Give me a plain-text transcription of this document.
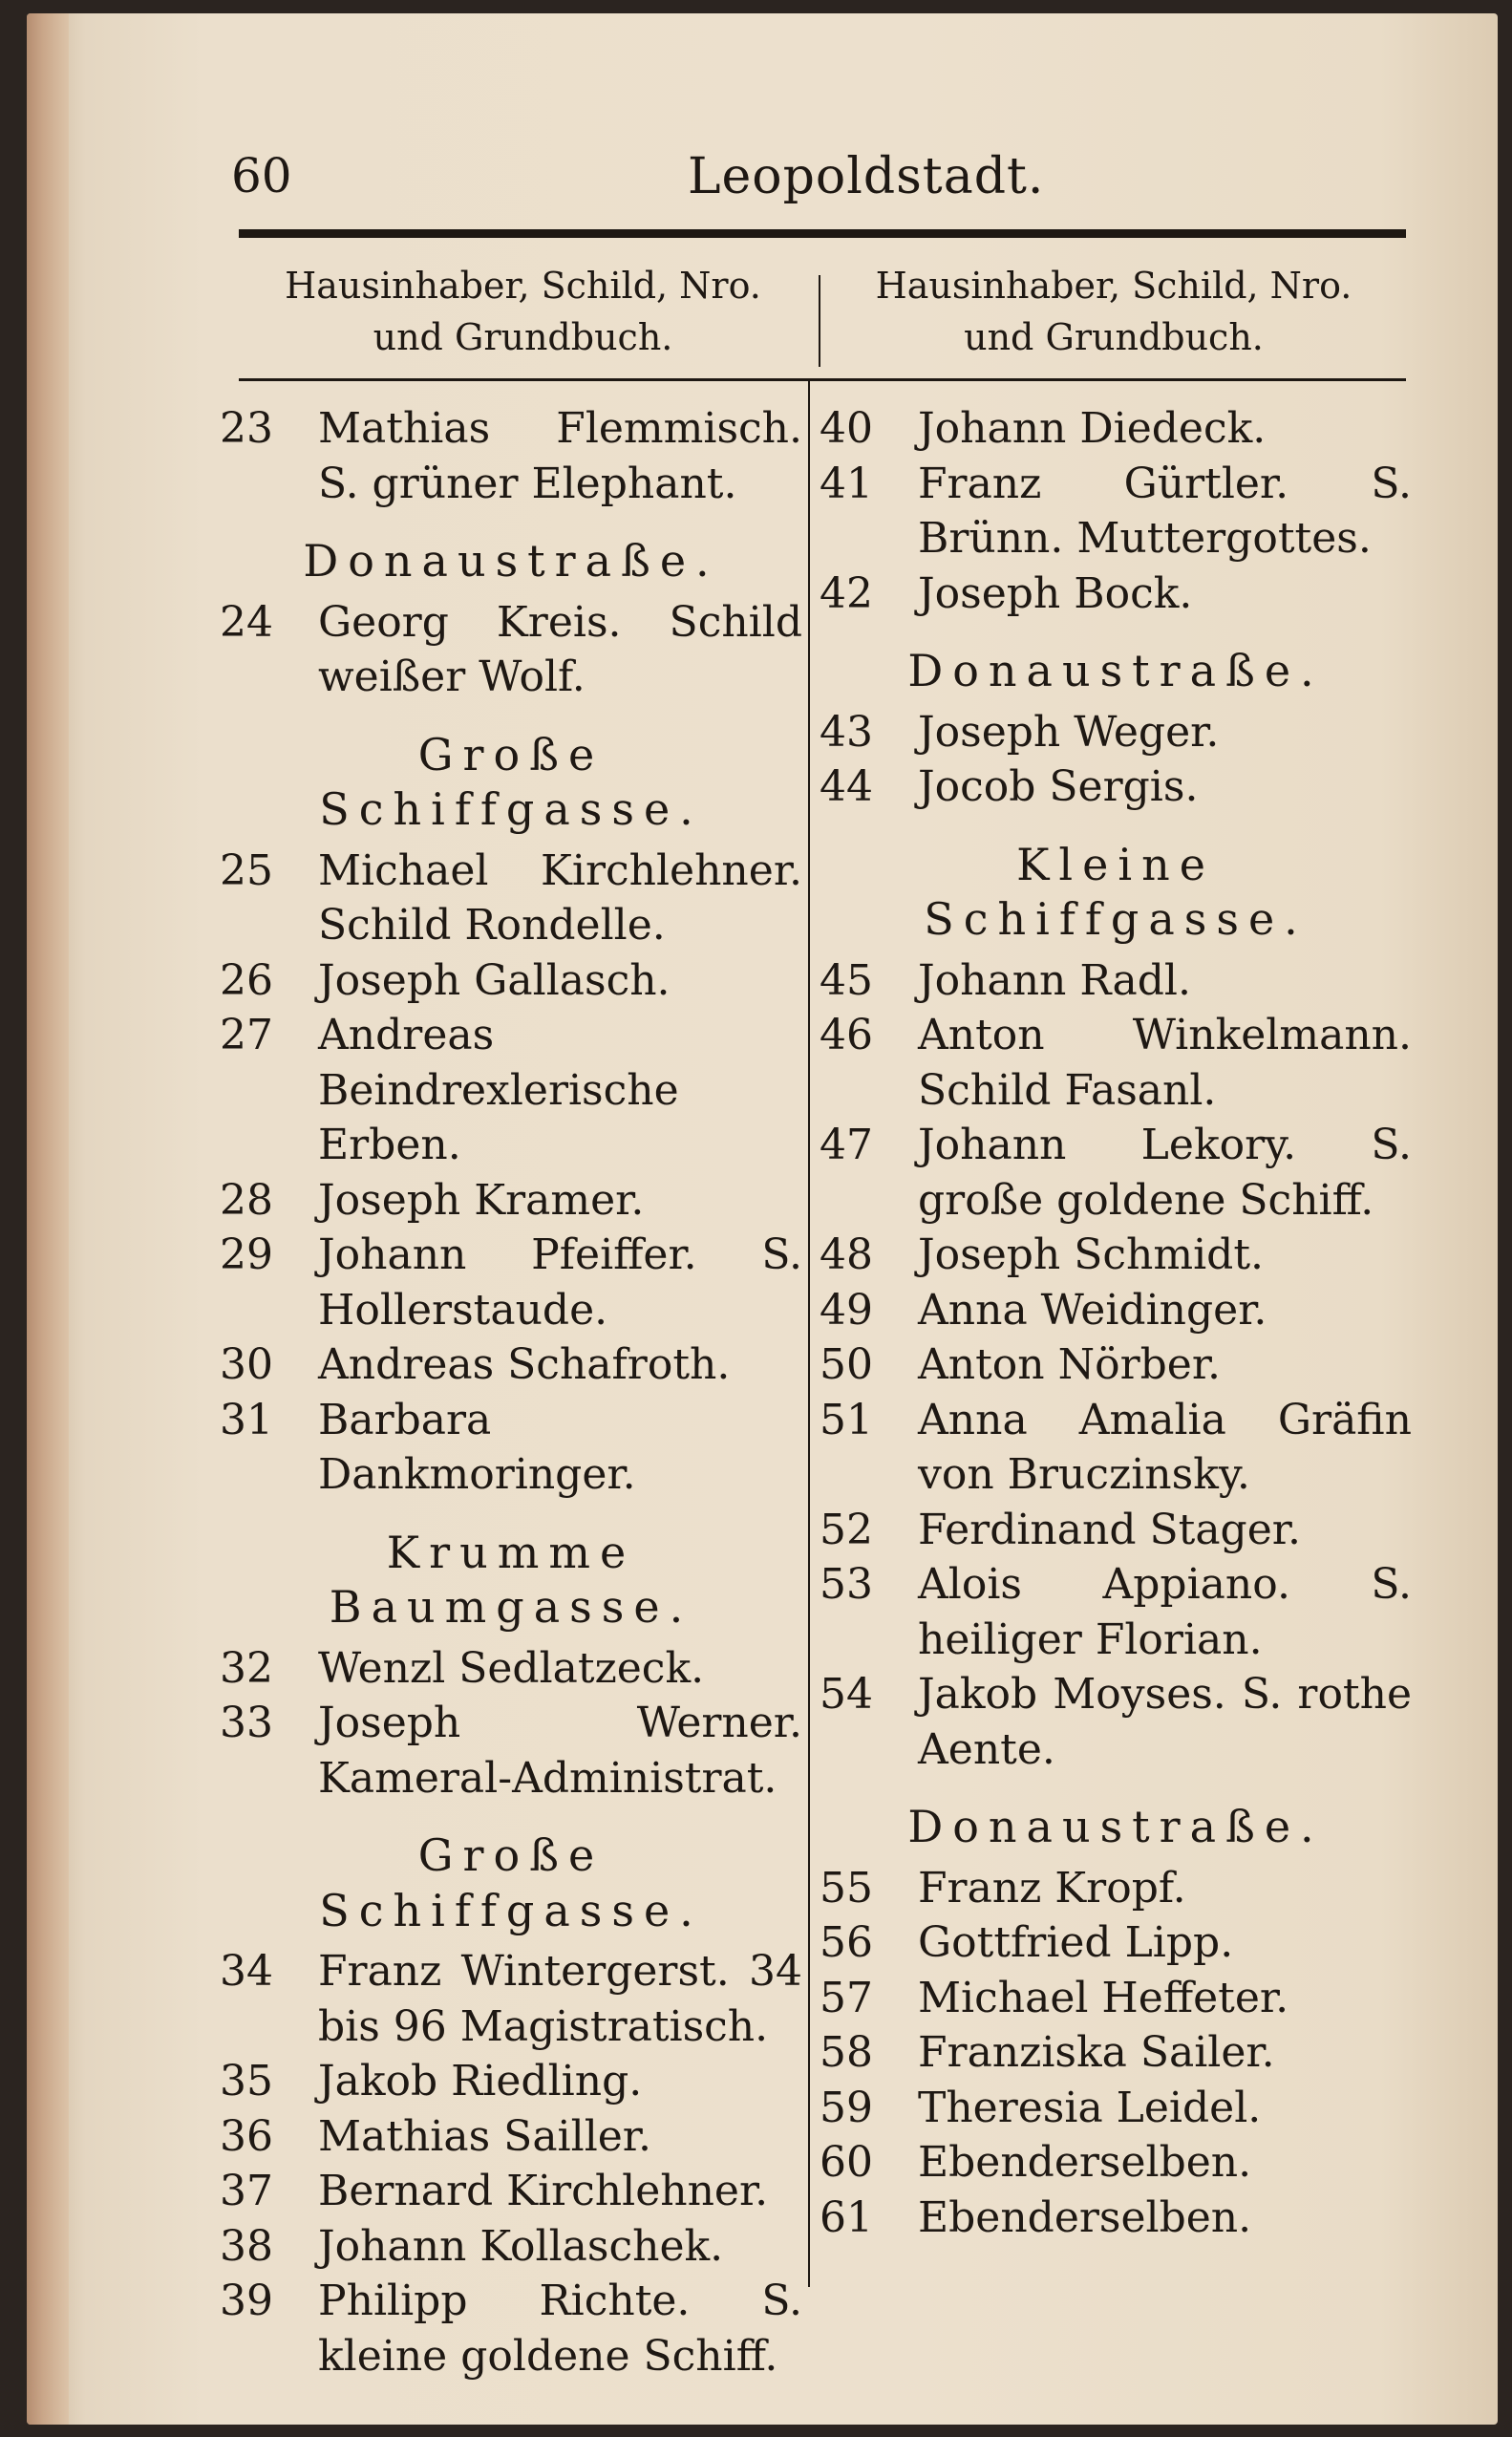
60	Leopoldstadt.
Hausinhaber, Schild, Nro.
und Grundbuch.
Hausinhaber, Schild, Nro.
und Grundbuch.
23	Mathias Flemmisch. S. grüner Elephant.
Donaustraße.
24	Georg Kreis. Schild weißer Wolf.
Große Schiffgasse.
25	Michael Kirchlehner. Schild Rondelle.
26	Joseph Gallasch.
27	Andreas Beindrexlerische Erben.
28	Joseph Kramer.
29	Johann Pfeiffer. S. Hollerstaude.
30	Andreas Schafroth.
31	Barbara Dankmoringer.
Krumme Baumgasse.
32	Wenzl Sedlatzeck.
33	Joseph Werner. Kameral-Administrat.
Große Schiffgasse.
34	Franz Wintergerst. 34 bis 96 Magistratisch.
35	Jakob Riedling.
36	Mathias Sailler.
37	Bernard Kirchlehner.
38	Johann Kollaschek.
39	Philipp Richte. S. kleine goldene Schiff.
40	Johann Diedeck.
41	Franz Gürtler. S. Brünn. Muttergottes.
42	Joseph Bock.
Donaustraße.
43	Joseph Weger.
44	Jocob Sergis.
Kleine Schiffgasse.
45	Johann Radl.
46	Anton Winkelmann. Schild Fasanl.
47	Johann Lekory. S. große goldene Schiff.
48	Joseph Schmidt.
49	Anna Weidinger.
50	Anton Nörber.
51	Anna Amalia Gräfin von Bruczinsky.
52	Ferdinand Stager.
53	Alois Appiano. S. heiliger Florian.
54	Jakob Moyses. S. rothe Aente.
Donaustraße.
55	Franz Kropf.
56	Gottfried Lipp.
57	Michael Heffeter.
58	Franziska Sailer.
59	Theresia Leidel.
60	Ebenderselben.
61	Ebenderselben.
